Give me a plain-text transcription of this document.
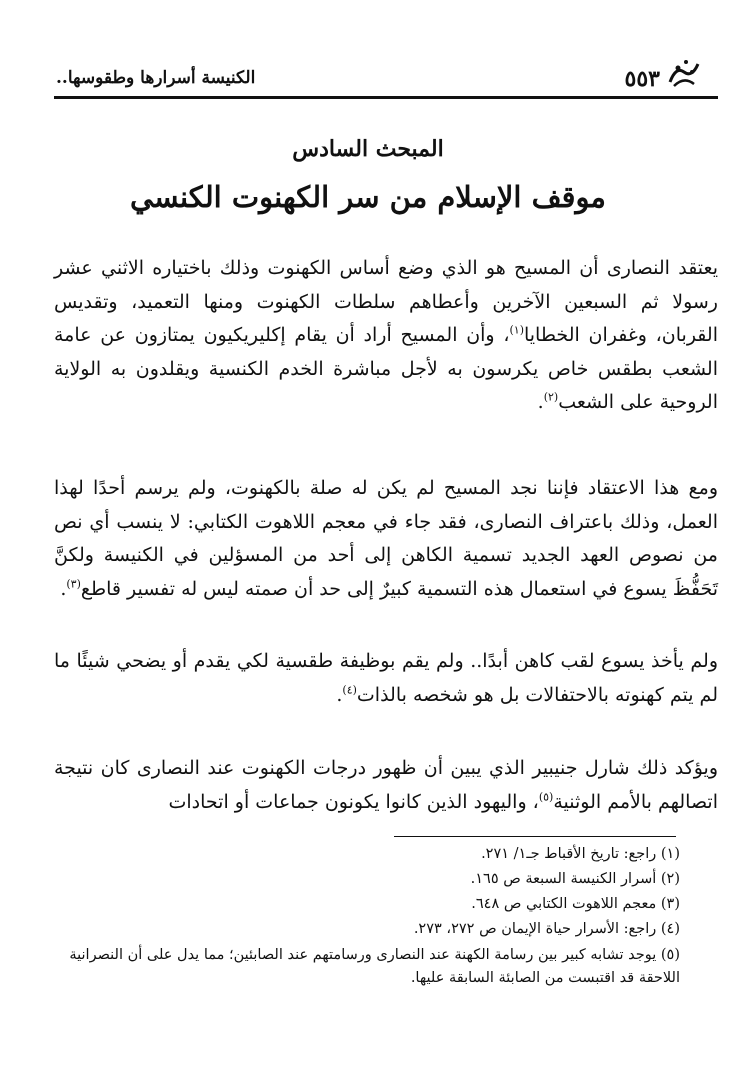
الكنيسة أسرارها وطقوسها..	٥٥٣
المبحث السادس
موقف الإسلام من سر الكهنوت الكنسي

يعتقد النصارى أن المسيح هو الذي وضع أساس الكهنوت وذلك باختياره الاثني عشر رسولا ثم السبعين الآخرين وأعطاهم سلطات الكهنوت ومنها التعميد، وتقديس القربان، وغفران الخطايا$^{(١)}$، وأن المسيح أراد أن يقام إكليريكيون يمتازون عن عامة الشعب بطقس خاص يكرسون به لأجل مباشرة الخدم الكنسية ويقلدون به الولاية الروحية على الشعب$^{(٢)}$.

ومع هذا الاعتقاد فإننا نجد المسيح لم يكن له صلة بالكهنوت، ولم يرسم أحدًا لهذا العمل، وذلك باعتراف النصارى، فقد جاء في معجم اللاهوت الكتابي: لا ينسب أي نص من نصوص العهد الجديد تسمية الكاهن إلى أحد من المسؤلين في الكنيسة ولكنَّ تَحَفُّظَ يسوع في استعمال هذه التسمية كبيرٌ إلى حد أن صمته ليس له تفسير قاطع$^{(٣)}$.

ولم يأخذ يسوع لقب كاهن أبدًا.. ولم يقم بوظيفة طقسية لكي يقدم أو يضحي شيئًا ما لم يتم كهنوته بالاحتفالات بل هو شخصه بالذات$^{(٤)}$.

ويؤكد ذلك شارل جنيبير الذي يبين أن ظهور درجات الكهنوت عند النصارى كان نتيجة اتصالهم بالأمم الوثنية$^{(٥)}$، واليهود الذين كانوا يكونون جماعات أو اتحادات

(١) راجع: تاريخ الأقباط جـ١/ ٢٧١.

(٢) أسرار الكنيسة السبعة ص ١٦٥.

(٣) معجم اللاهوت الكتابي ص ٦٤٨.

(٤) راجع: الأسرار حياة الإيمان ص ٢٧٢، ٢٧٣.

(٥) يوجد تشابه كبير بين رسامة الكهنة عند النصارى ورسامتهم عند الصابئين؛ مما يدل على أن النصرانية اللاحقة قد اقتبست من الصابئة السابقة عليها.
